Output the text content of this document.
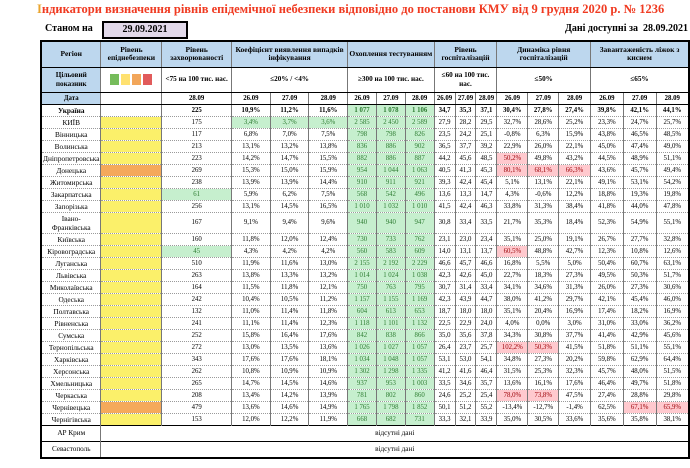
Індикатори визначення рівнів епідемічної небезпеки відповідно до постанови КМУ від 9 грудня 2020 р. № 1236
Станом на	29.09.2021	Дані доступні за 28.09.2021
Регіон	Рівень епіднебезпеки	Рівень захворюваності	Коефіцієнт виявлення випадків інфікування			Охоплення тестуванням			Рівень госпіталізацій			Динаміка рівня госпіталізацій			Завантаженість ліжок з киснем		
Цільовий показник		<75 на 100 тис. нас.	≤20% / <4%			≥300 на 100 тис. нас.			≤60 на 100 тис. нас.			≤50%			≤65%		
Дата		28.09	26.09	27.09	28.09	26.09	27.09	28.09	26.09	27.09	28.09	26.09	27.09	28.09	26.09	27.09	28.09
Україна		225	10,9%	11,2%	11,6%	1 077	1 078	1 106	34,7	35,3	37,1	30,4%	27,8%	27,4%	39,8%	42,1%	44,1%
КИЇВ		175	3,4%	3,7%	3,6%	2 585	2 450	2 589	27,9	28,2	29,5	32,7%	28,6%	25,2%	23,3%	24,7%	25,7%
Вінницька		117	6,8%	7,0%	7,5%	798	798	826	23,5	24,2	25,1	-0,8%	6,3%	15,9%	43,8%	46,5%	48,5%
Волинська		213	13,1%	13,2%	13,8%	836	886	902	36,5	37,7	39,2	22,9%	26,0%	22,1%	45,0%	47,4%	49,0%
Дніпропетровська		223	14,2%	14,7%	15,5%	882	886	887	44,2	45,6	48,5	50,2%	49,8%	43,2%	44,5%	48,9%	51,1%
Донецька		269	15,3%	15,0%	15,9%	954	1 044	1 063	40,5	41,3	45,3	80,1%	68,1%	66,3%	43,6%	45,7%	49,4%
Житомирська		238	13,9%	13,9%	14,4%	910	911	921	39,3	42,4	45,4	5,1%	13,1%	22,1%	49,1%	53,1%	54,2%
Закарпатська		61	5,9%	6,2%	7,5%	568	542	496	13,6	13,3	14,7	4,3%	-0,6%	12,2%	18,8%	19,3%	19,8%
Запорізька		256	13,1%	14,5%	16,5%	1 010	1 032	1 010	41,5	42,4	46,3	33,8%	31,3%	38,4%	41,8%	44,0%	47,8%
Івано-Франківська		167	9,1%	9,4%	9,6%	940	940	947	30,8	33,4	33,5	21,7%	35,3%	18,4%	52,3%	54,9%	55,1%
Київська		160	11,8%	12,0%	12,4%	730	733	762	23,1	23,0	23,4	35,1%	25,0%	19,1%	26,7%	27,7%	32,8%
Кіровоградська		45	4,3%	4,2%	4,2%	560	583	609	14,0	13,1	13,7	60,5%	48,8%	42,7%	12,3%	10,8%	12,6%
Луганська		510	11,9%	11,6%	13,0%	2 155	2 192	2 229	46,6	45,7	46,6	16,8%	5,5%	5,0%	50,4%	60,7%	63,1%
Львівська		263	13,8%	13,3%	13,2%	1 014	1 024	1 038	42,3	42,6	45,0	22,7%	18,3%	27,3%	49,5%	50,3%	51,7%
Миколаївська		164	11,5%	11,8%	12,1%	750	763	795	30,7	31,4	33,4	34,1%	34,6%	31,3%	26,0%	27,3%	30,6%
Одеська		242	10,4%	10,5%	11,2%	1 157	1 155	1 169	42,3	43,9	44,7	38,0%	41,2%	29,7%	42,1%	45,4%	46,0%
Полтавська		132	11,0%	11,4%	11,8%	604	613	653	18,7	18,0	18,0	35,1%	20,4%	16,9%	17,4%	18,2%	16,9%
Рівненська		241	11,1%	11,4%	12,3%	1 118	1 101	1 132	22,5	22,9	24,0	4,0%	0,0%	3,0%	31,0%	33,0%	36,2%
Сумська		252	15,8%	16,4%	17,6%	842	838	866	35,0	35,6	37,8	34,3%	30,8%	37,7%	41,4%	42,9%	45,6%
Тернопільська		272	13,0%	13,5%	13,6%	1 026	1 027	1 057	26,4	23,7	25,7	102,2%	50,3%	41,5%	51,8%	51,1%	55,1%
Харківська		343	17,6%	17,6%	18,1%	1 034	1 048	1 057	53,1	53,0	54,1	34,8%	27,3%	20,2%	59,8%	62,9%	64,4%
Херсонська		262	10,8%	10,9%	10,9%	1 302	1 298	1 335	41,2	41,6	46,4	31,5%	25,3%	32,3%	45,7%	48,0%	51,5%
Хмельницька		265	14,7%	14,5%	14,6%	937	953	1 003	33,5	34,6	35,7	13,6%	16,1%	17,6%	46,4%	49,7%	51,8%
Черкаська		208	13,4%	14,2%	13,9%	781	802	860	24,6	25,2	25,4	78,0%	73,8%	47,5%	27,4%	28,8%	29,8%
Чернівецька		479	13,6%	14,6%	14,9%	1 765	1 798	1 852	50,1	51,2	55,2	-13,4%	-12,7%	-1,4%	62,5%	67,1%	65,9%
Чернігівська		153	12,0%	12,2%	11,9%	668	682	731	33,3	32,1	33,9	35,0%	30,5%	33,6%	35,6%	35,8%	38,1%
АР Крим	відсутні дані																
Севастополь	відсутні дані																
